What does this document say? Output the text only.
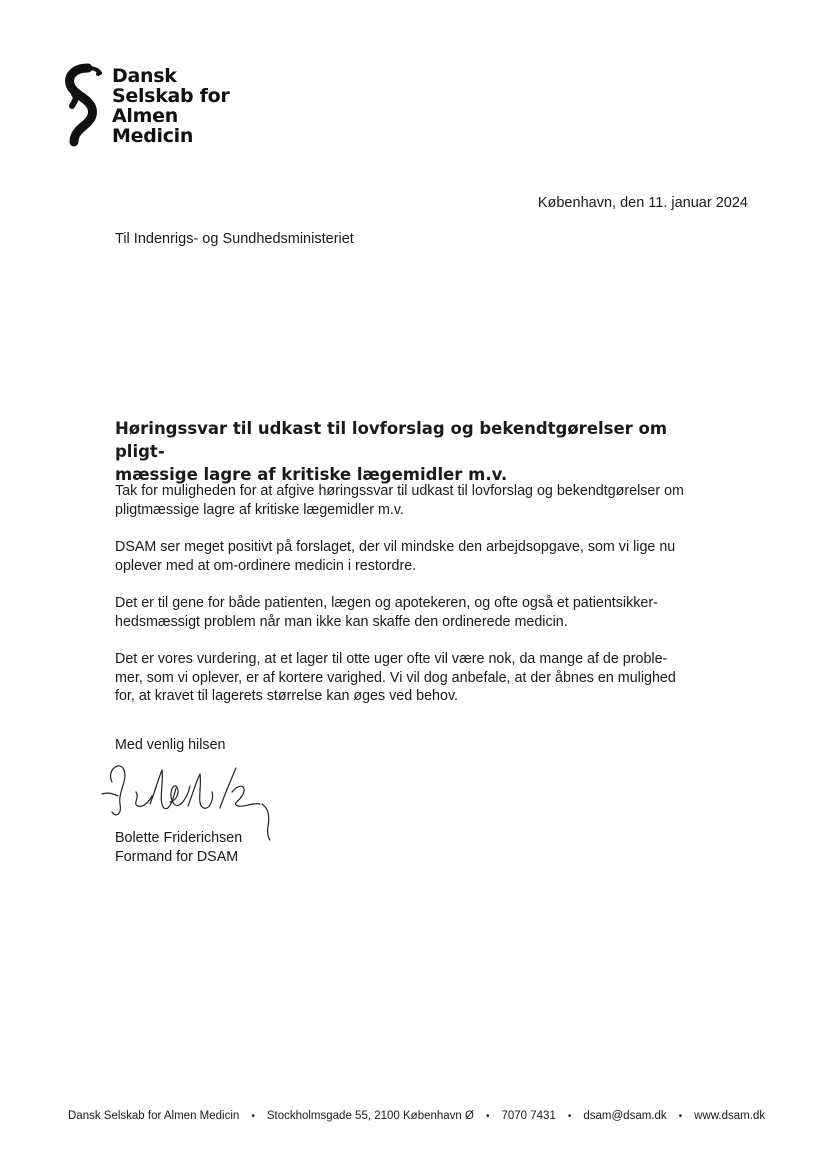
Dansk
Selskab for
Almen
Medicin
København, den 11. januar 2024
Til Indenrigs- og Sundhedsministeriet
Høringssvar til udkast til lovforslag og bekendtgørelser om pligt-
mæssige lagre af kritiske lægemidler m.v.

Tak for muligheden for at afgive høringssvar til udkast til lovforslag og bekendtgørelser om
pligtmæssige lagre af kritiske lægemidler m.v.

DSAM ser meget positivt på forslaget, der vil mindske den arbejdsopgave, som vi lige nu
oplever med at om-ordinere medicin i restordre.

Det er til gene for både patienten, lægen og apotekeren, og ofte også et patientsikker-
hedsmæssigt problem når man ikke kan skaffe den ordinerede medicin.

Det er vores vurdering, at et lager til otte uger ofte vil være nok, da mange af de proble-
mer, som vi oplever, er af kortere varighed. Vi vil dog anbefale, at der åbnes en mulighed
for, at kravet til lagerets størrelse kan øges ved behov.

Med venlig hilsen
Bolette Friderichsen
Formand for DSAM
Dansk Selskab for Almen Medicin • Stockholmsgade 55, 2100 København Ø • 7070 7431 • dsam@dsam.dk • www.dsam.dk
